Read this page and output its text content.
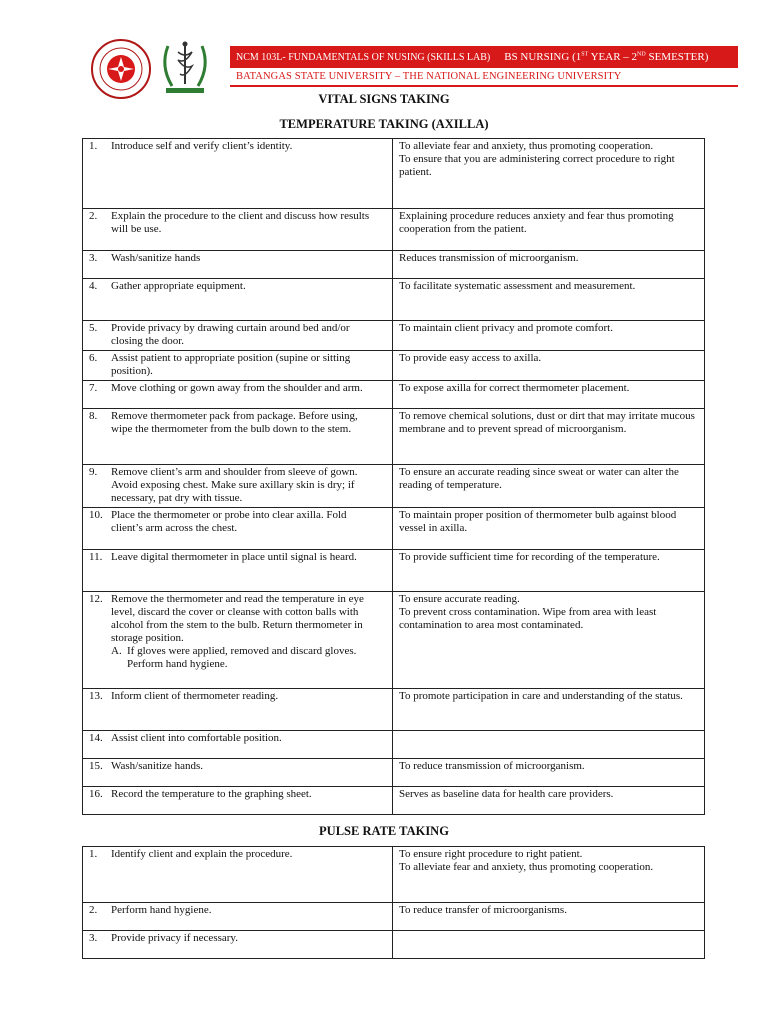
NCM 103L- FUNDAMENTALS OF NUSING (SKILLS LAB) BS NURSING (1ST YEAR – 2ND SEMESTER)
BATANGAS STATE UNIVERSITY – THE NATIONAL ENGINEERING UNIVERSITY
VITAL SIGNS TAKING
TEMPERATURE TAKING (AXILLA)
1. Introduce self and verify client’s identity.	To alleviate fear and anxiety, thus promoting cooperation.
To ensure that you are administering correct procedure to right patient.

2. Explain the procedure to the client and discuss how results will be use.	Explaining procedure reduces anxiety and fear thus promoting cooperation from the patient.

3. Wash/sanitize hands	Reduces transmission of microorganism.

4. Gather appropriate equipment.	To facilitate systematic assessment and measurement.

5. Provide privacy by drawing curtain around bed and/or closing the door.	To maintain client privacy and promote comfort.

6. Assist patient to appropriate position (supine or sitting position).	To provide easy access to axilla.

7. Move clothing or gown away from the shoulder and arm.	To expose axilla for correct thermometer placement.

8. Remove thermometer pack from package. Before using, wipe the thermometer from the bulb down to the stem.	To remove chemical solutions, dust or dirt that may irritate mucous membrane and to prevent spread of microorganism.

9. Remove client’s arm and shoulder from sleeve of gown. Avoid exposing chest. Make sure axillary skin is dry; if necessary, pat dry with tissue.	To ensure an accurate reading since sweat or water can alter the reading of temperature.

10. Place the thermometer or probe into clear axilla. Fold client’s arm across the chest.	To maintain proper position of thermometer bulb against blood vessel in axilla.

11. Leave digital thermometer in place until signal is heard.	To provide sufficient time for recording of the temperature.

12. Remove the thermometer and read the temperature in eye level, discard the cover or cleanse with cotton balls with alcohol from the stem to the bulb. Return thermometer in storage position.
A. If gloves were applied, removed and discard gloves. Perform hand hygiene.	To ensure accurate reading.
To prevent cross contamination. Wipe from area with least contamination to area most contaminated.

13. Inform client of thermometer reading.	To promote participation in care and understanding of the status.

14. Assist client into comfortable position.	
15. Wash/sanitize hands.	To reduce transmission of microorganism.

16. Record the temperature to the graphing sheet.	Serves as baseline data for health care providers.
PULSE RATE TAKING
1. Identify client and explain the procedure.	To ensure right procedure to right patient.
To alleviate fear and anxiety, thus promoting cooperation.

2. Perform hand hygiene.	To reduce transfer of microorganisms.

3. Provide privacy if necessary.	
